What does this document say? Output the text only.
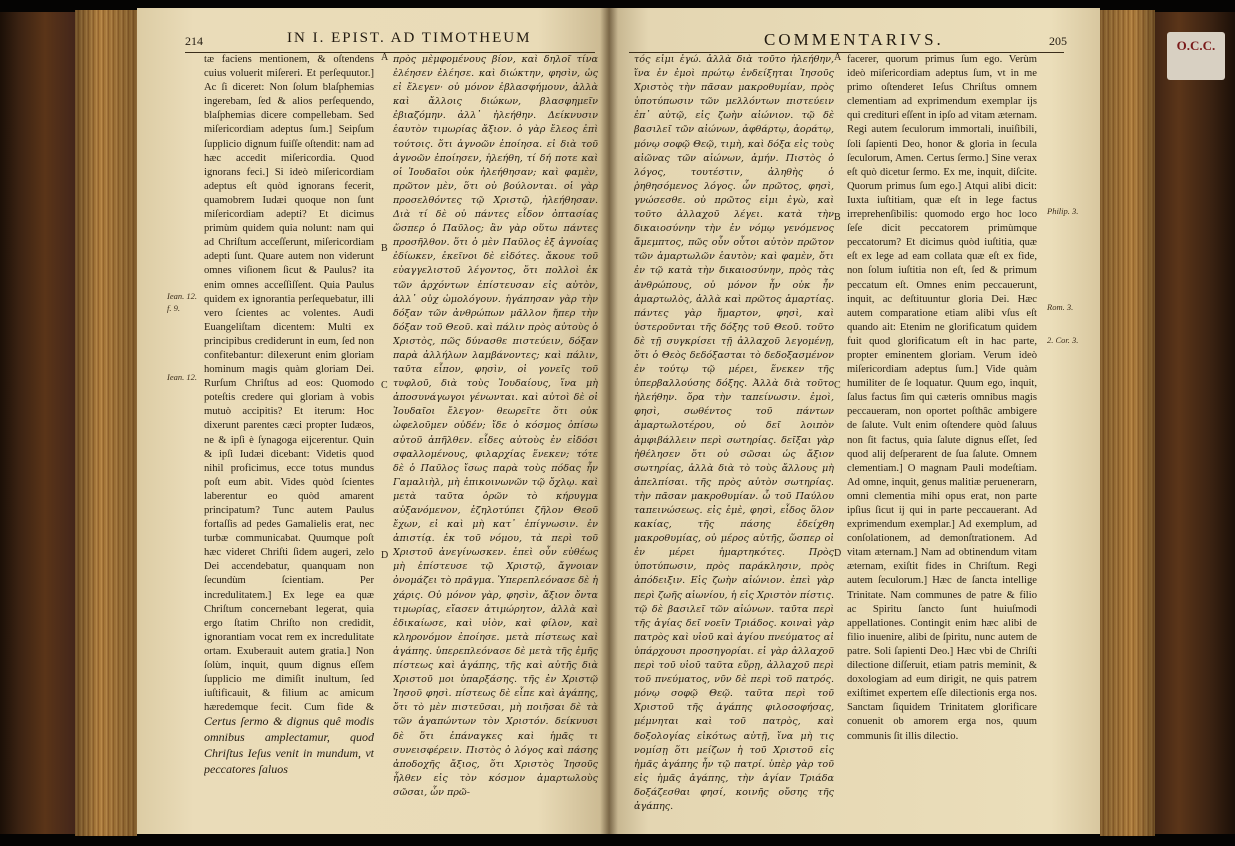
O.C.C.
214	IN I. EPIST. AD TIMOTHEUM

tæ faciens mentionem, & oſtendens cuius voluerit miſereri. Et perſequutor.] Ac ſi diceret: Non ſolum blaſphemias ingerebam, ſed & alios perſequendo, blaſphemias dicere compellebam. Sed miſericordiam adeptus ſum.] Seipſum ſupplicio dignum fuiſſe oſtendit: nam ad hæc accedit miſericordia. Quod ignorans feci.] Si ideò miſericordiam adeptus eſt quòd ignorans fecerit, quamobrem Iudæi quoque non ſunt miſericordiam adepti? Et dicimus primùm quidem quia nolunt: nam qui ad Chriſtum acceſſerunt, miſericordiam adepti ſunt. Quare autem non viderunt omnes viſionem ſicut & Paulus? ita enim omnes acceſſiſſent. Quia Paulus quidem ex ignorantia perſequebatur, illi vero ſcientes ac volentes. Audi Euangeliſtam dicentem: Multi ex principibus crediderunt in eum, ſed non confitebantur: dilexerunt enim gloriam hominum magis quàm gloriam Dei. Rurſum Chriſtus ad eos: Quomodo poteſtis credere qui gloriam à vobis mutuò accipitis? Et iterum: Hoc dixerunt parentes cæci propter Iudæos, ne & ipſi è ſynagoga eijcerentur. Quin & ipſi Iudæi dicebant: Videtis quod nihil proficimus, ecce totus mundus poſt eum abit. Vides quòd ſcientes laberentur eo quòd amarent principatum? Tunc autem Paulus fortaſſis ad pedes Gamalielis erat, nec turbæ communicabat. Quumque poſt hæc videret Chriſti ſidem augeri, zelo Dei accendebatur, quanquam non ſecundùm ſcientiam. Per incredulitatem.] Ex lege ea quæ Chriſtum concernebant legerat, quia ergo ſtatim Chriſto non credidit, ignorantiam vocat rem ex incredulitate ortam. Exuberauit autem gratia.] Non ſolùm, inquit, quum dignus eſſem ſupplicio me dimiſit inultum, ſed iuſtificauit, & filium ac amicum hæredemque fecit. Cum fide &

Certus ſermo & dignus quê modis omnibus amplectamur, quod Chriſtus Ieſus venit in mundum, vt peccatores ſaluos

A
B
C
D

πρὸς μὲμφομένους βίον, καὶ δηλοῖ τίνα ἐλέησεν ἐλέησε. καὶ διώκτην, φησὶν, ὡς εἰ ἔλεγεν· οὐ μόνον ἐβλασφήμουν, ἀλλὰ καὶ ἄλλοις διώκων, βλασφημεῖν ἐβιαζόμην. ἀλλ᾽ ἠλεήθην. Δείκνυσιν ἑαυτὸν τιμωρίας ἄξιον. ὁ γὰρ ἔλεος ἐπὶ τούτοις. ὅτι ἀγνοῶν ἐποίησα. εἰ διὰ τοῦ ἀγνοῶν ἐποίησεν, ἠλεήθη, τί δή ποτε καὶ οἱ Ἰουδαῖοι οὐκ ἠλεήθησαν; καὶ φαμὲν, πρῶτον μὲν, ὅτι οὐ βούλονται. οἱ γὰρ προσελθόντες τῷ Χριστῷ, ἠλεήθησαν. Διὰ τί δὲ οὐ πάντες εἶδον ὀπτασίας ὥσπερ ὁ Παῦλος; ἂν γὰρ οὕτω πάντες προσῆλθον. ὅτι ὁ μὲν Παῦλος ἐξ ἀγνοίας ἐδίωκεν, ἐκεῖνοι δὲ εἰδότες. ἄκουε τοῦ εὐαγγελιστοῦ λέγοντος, ὅτι πολλοὶ ἐκ τῶν ἀρχόντων ἐπίστευσαν εἰς αὐτὸν, ἀλλ᾽ οὐχ ὡμολόγουν. ἠγάπησαν γὰρ τὴν δόξαν τῶν ἀνθρώπων μᾶλλον ἤπερ τὴν δόξαν τοῦ Θεοῦ. καὶ πάλιν πρὸς αὐτοὺς ὁ Χριστὸς, πῶς δύνασθε πιστεύειν, δόξαν παρὰ ἀλλήλων λαμβάνοντες; καὶ πάλιν, ταῦτα εἶπον, φησὶν, οἱ γονεῖς τοῦ τυφλοῦ, διὰ τοὺς Ἰουδαίους, ἵνα μὴ ἀποσυνάγωγοι γένωνται. καὶ αὐτοὶ δὲ οἱ Ἰουδαῖοι ἔλεγον· θεωρεῖτε ὅτι οὐκ ὠφελοῦμεν οὐδέν; ἴδε ὁ κόσμος ὀπίσω αὐτοῦ ἀπῆλθεν. εἶδες αὐτοὺς ἐν εἰδόσι σφαλλομένους, φιλαρχίας ἕνεκεν; τότε δὲ ὁ Παῦλος ἴσως παρὰ τοὺς πόδας ἦν Γαμαλιὴλ, μὴ ἐπικοινωνῶν τῷ ὄχλῳ. καὶ μετὰ ταῦτα ὁρῶν τὸ κήρυγμα αὐξανόμενον, ἐζηλοτύπει ζῆλον Θεοῦ ἔχων, εἰ καὶ μὴ κατ᾽ ἐπίγνωσιν. ἐν ἀπιστίᾳ. ἐκ τοῦ νόμου, τὰ περὶ τοῦ Χριστοῦ ἀνεγίνωσκεν. ἐπεὶ οὖν εὐθέως μὴ ἐπίστευσε τῷ Χριστῷ, ἄγνοιαν ὀνομάζει τὸ πρᾶγμα. Ὑπερεπλεόνασε δὲ ἡ χάρις. Οὐ μόνον γὰρ, φησὶν, ἄξιον ὄντα τιμωρίας, εἴασεν ἀτιμώρητον, ἀλλὰ καὶ ἐδικαίωσε, καὶ υἱὸν, καὶ φίλον, καὶ κληρονόμον ἐποίησε. μετὰ πίστεως καὶ ἀγάπης. ὑπερεπλεόνασε δὲ μετὰ τῆς ἐμῆς πίστεως καὶ ἀγάπης, τῆς καὶ αὐτῆς διὰ Χριστοῦ μοι ὑπαρξάσης. τῆς ἐν Χριστῷ Ἰησοῦ φησὶ. πίστεως δὲ εἶπε καὶ ἀγάπης, ὅτι τὸ μὲν πιστεῦσαι, μὴ ποιῆσαι δὲ τὰ τῶν ἀγαπώντων τὸν Χριστόν. δείκνυσι δὲ ὅτι ἐπάναγκες καὶ ἡμᾶς τι συνεισφέρειν. Πιστὸς ὁ λόγος καὶ πάσης ἀποδοχῆς ἄξιος, ὅτι Χριστὸς Ἰησοῦς ἦλθεν εἰς τὸν κόσμον ἁμαρτωλοὺς σῶσαι, ὧν πρῶ-

Iean. 12.
f. 9.
Iean. 12.
COMMENTARIVS.	205

τός εἰμι ἐγώ. ἀλλὰ διὰ τοῦτο ἠλεήθην, ἵνα ἐν ἐμοὶ πρώτῳ ἐνδείξηται Ἰησοῦς Χριστὸς τὴν πᾶσαν μακροθυμίαν, πρὸς ὑποτύπωσιν τῶν μελλόντων πιστεύειν ἐπ᾽ αὐτῷ, εἰς ζωὴν αἰώνιον. τῷ δὲ βασιλεῖ τῶν αἰώνων, ἀφθάρτῳ, ἀοράτῳ, μόνῳ σοφῷ Θεῷ, τιμὴ, καὶ δόξα εἰς τοὺς αἰῶνας τῶν αἰώνων, ἀμήν. Πιστὸς ὁ λόγος, τουτέστιν, ἀληθὴς ὁ ῥηθησόμενος λόγος. ὧν πρῶτος, φησὶ, γνώσεσθε. οὐ πρῶτος εἰμι ἐγὼ, καὶ τοῦτο ἀλλαχοῦ λέγει. κατὰ τὴν δικαιοσύνην τὴν ἐν νόμῳ γενόμενος ἄμεμπτος, πῶς οὖν οὗτοι αὐτὸν πρῶτον τῶν ἁμαρτωλῶν ἑαυτὸν; καὶ φαμὲν, ὅτι ἐν τῷ κατὰ τὴν δικαιοσύνην, πρὸς τὰς ἀνθρώπους, οὐ μόνον ἦν οὐκ ἦν ἁμαρτωλὸς, ἀλλὰ καὶ πρῶτος ἁμαρτίας. πάντες γὰρ ἥμαρτον, φησὶ, καὶ ὑστεροῦνται τῆς δόξης τοῦ Θεοῦ. τοῦτο δὲ τῇ συγκρίσει τῇ ἀλλαχοῦ λεγομένῃ, ὅτι ὁ Θεὸς δεδόξασται τὸ δεδοξασμένον ἐν τούτῳ τῷ μέρει, ἕνεκεν τῆς ὑπερβαλλούσης δόξης. Ἀλλὰ διὰ τοῦτο ἠλεήθην. ὅρα τὴν ταπείνωσιν. ἐμοὶ, φησὶ, σωθέντος τοῦ πάντων ἁμαρτωλοτέρου, οὐ δεῖ λοιπὸν ἀμφιβάλλειν περὶ σωτηρίας. δεῖξαι γὰρ ἠθέλησεν ὅτι οὐ σῶσαι ὡς ἄξιον σωτηρίας, ἀλλὰ διὰ τὸ τοὺς ἄλλους μὴ ἀπελπίσαι. τῆς πρὸς αὐτὸν σωτηρίας. τὴν πᾶσαν μακροθυμίαν. ὦ τοῦ Παύλου ταπεινώσεως. εἰς ἐμὲ, φησὶ, εἶδος ὅλον κακίας, τῆς πάσης ἐδείχθη μακροθυμίας, οὐ μέρος αὐτῆς, ὥσπερ οἱ ἐν μέρει ἡμαρτηκότες. Πρὸς ὑποτύπωσιν, πρὸς παράκλησιν, πρὸς ἀπόδειξιν. Εἰς ζωὴν αἰώνιον. ἐπεὶ γὰρ περὶ ζωῆς αἰωνίου, ἡ εἰς Χριστὸν πίστις. τῷ δὲ βασιλεῖ τῶν αἰώνων. ταῦτα περὶ τῆς ἁγίας δεῖ νοεῖν Τριάδος. κοιναὶ γὰρ πατρὸς καὶ υἱοῦ καὶ ἁγίου πνεύματος αἱ ὑπάρχουσι προσηγορίαι. εἰ γὰρ ἀλλαχοῦ περὶ τοῦ υἱοῦ ταῦτα εὕρῃ, ἀλλαχοῦ περὶ τοῦ πνεύματος, νῦν δὲ περὶ τοῦ πατρός. μόνῳ σοφῷ Θεῷ. ταῦτα περὶ τοῦ Χριστοῦ τῆς ἀγάπης φιλοσοφήσας, μέμνηται καὶ τοῦ πατρὸς, καὶ δοξολογίας εἰκότως αὐτῇ, ἵνα μὴ τις νομίσῃ ὅτι μείζων ἡ τοῦ Χριστοῦ εἰς ἡμᾶς ἀγάπης ἦν τῷ πατρί. ὑπὲρ γὰρ τοῦ εἰς ἡμᾶς ἀγάπης, τὴν ἁγίαν Τριάδα δοξάζεσθαι φησί, κοινῆς οὔσης τῆς ἀγάπης.

A
B
C
D

facerer, quorum primus ſum ego. Verùm ideò miſericordiam adeptus ſum, vt in me primo oſtenderet Ieſus Chriſtus omnem clementiam ad exprimendum exemplar ijs qui credituri eſſent in ipſo ad vitam æternam. Regi autem ſeculorum immortali, inuiſibili, ſoli ſapienti Deo, honor & gloria in ſecula ſeculorum, Amen. Certus ſermo.] Sine verax eſt quò dicetur ſermo. Ex me, inquit, diſcite. Quorum primus ſum ego.] Atqui alibi dicit: Iuxta iuſtitiam, quæ eſt in lege factus irreprehenſibilis: quomodo ergo hoc loco ſeſe dicit peccatorem primùmque peccatorum? Et dicimus quòd iuſtitia, quæ eſt ex lege ad eam collata quæ eſt ex fide, non ſolum iuſtitia non eſt, ſed & primum peccatum eſt. Omnes enim peccauerunt, inquit, ac deſtituuntur gloria Dei. Hæc autem comparatione etiam alibi vſus eſt quando ait: Etenim ne glorificatum quidem fuit quod glorificatum eſt in hac parte, propter eminentem gloriam. Verum ideò miſericordiam adeptus ſum.] Vide quàm humiliter de ſe loquatur. Quum ego, inquit, ſalus factus ſim qui cæteris omnibus magis peccaueram, non oportet poſthâc ambigere de ſalute. Vult enim oſtendere quòd ſaluus non ſit factus, quia ſalute dignus eſſet, ſed quod alij deſperarent de ſua ſalute. Omnem clementiam.] O magnam Pauli modeſtiam. Ad omne, inquit, genus malitiæ peruenerarn, omni clementia mihi opus erat, non parte ipſius ſicut ij qui in parte peccauerant. Ad exprimendum exemplar.] Ad exemplum, ad conſolationem, ad demonſtrationem. Ad vitam æternam.] Nam ad obtinendum vitam æternam, exiſtit fides in Chriſtum. Regi autem ſeculorum.] Hæc de ſancta intellige Trinitate. Nam communes de patre & filio ac Spiritu ſancto ſunt huiuſmodi appellationes. Contingit enim hæc alibi de filio inuenire, alibi de ſpiritu, nunc autem de patre. Soli ſapienti Deo.] Hæc vbi de Chriſti dilectione diſſeruit, etiam patris meminit, & doxologiam ad eum dirigit, ne quis patrem exiſtimet expertem eſſe dilectionis erga nos. Sanctam ſiquidem Trinitatem glorificare conuenit ob amorem erga nos, quum communis ſit illis dilectio.

Philip. 3.
Rom. 3.
2. Cor. 3.
